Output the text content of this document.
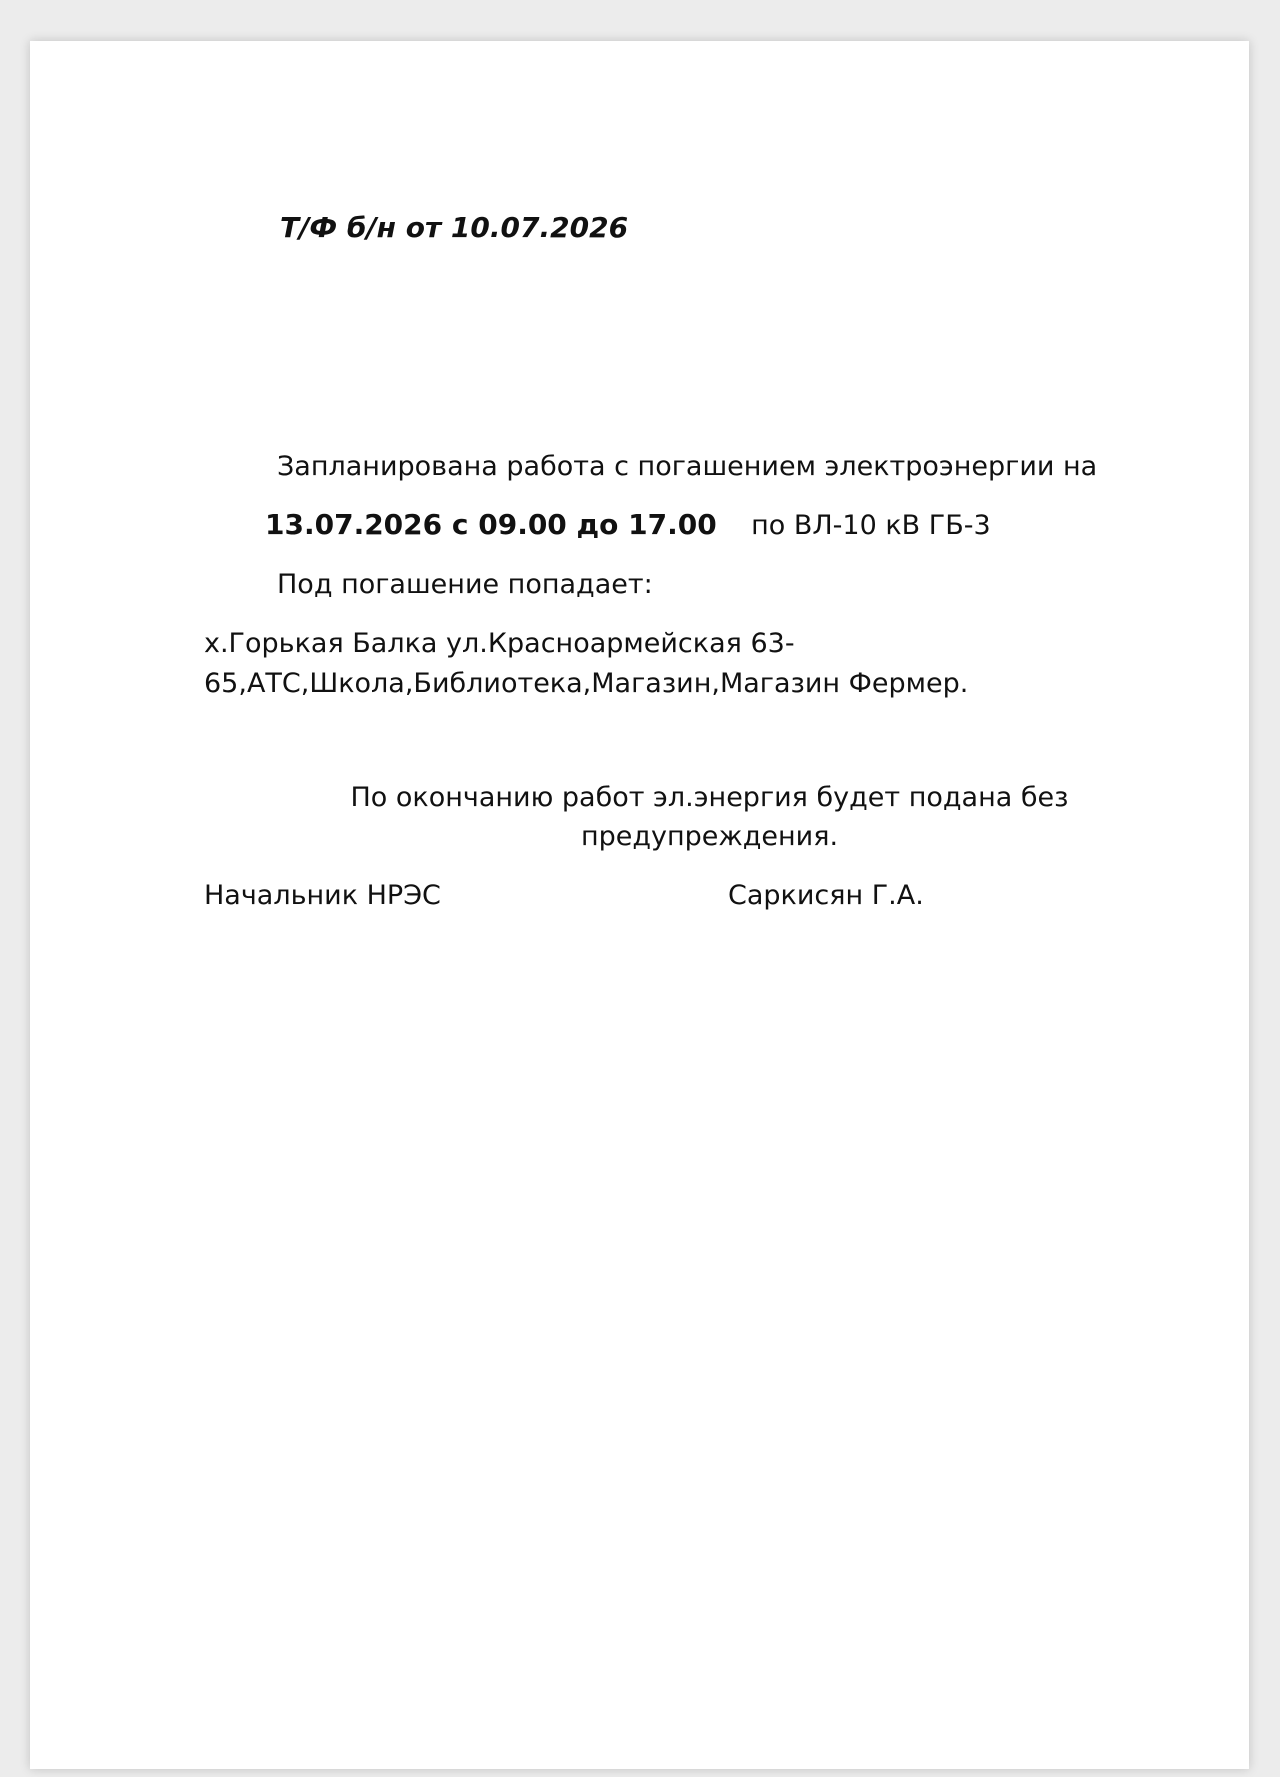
Т/Ф б/н от 10.07.2026
Запланирована работа с погашением электроэнергии на
13.07.2026 с 09.00 до 17.00 по ВЛ-10 кВ ГБ-3
Под погашение попадает:
х.Горькая Балка ул.Красноармейская 63-
65,АТС,Школа,Библиотека,Магазин,Магазин Фермер.
По окончанию работ эл.энергия будет подана без
предупреждения.
Начальник НРЭС	Саркисян Г.А.
